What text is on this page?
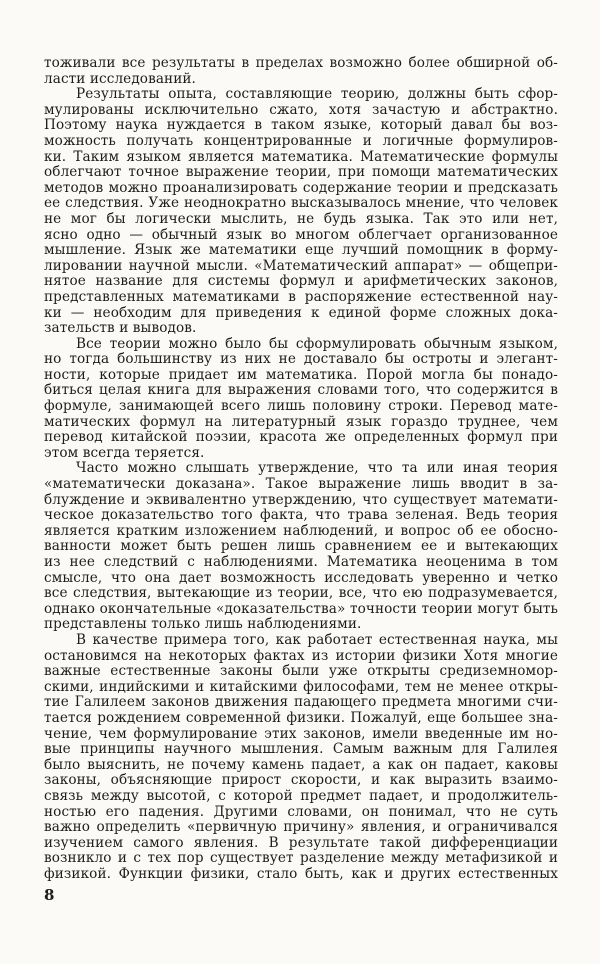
тоживали все результаты в пределах возможно более обширной об-
ласти исследований.
Результаты опыта, составляющие теорию, должны быть сфор-
мулированы исключительно сжато, хотя зачастую и абстрактно.
Поэтому наука нуждается в таком языке, который давал бы воз-
можность получать концентрированные и логичные формулиров-
ки. Таким языком является математика. Математические формулы
облегчают точное выражение теории, при помощи математических
методов можно проанализировать содержание теории и предсказать
ее следствия. Уже неоднократно высказывалось мнение, что человек
не мог бы логически мыслить, не будь языка. Так это или нет,
ясно одно — обычный язык во многом облегчает организованное
мышление. Язык же математики еще лучший помощник в форму-
лировании научной мысли. «Математический аппарат» — общепри-
нятое название для системы формул и арифметических законов,
представленных математиками в распоряжение естественной нау-
ки — необходим для приведения к единой форме сложных дока-
зательств и выводов.
Все теории можно было бы сформулировать обычным языком,
но тогда большинству из них не доставало бы остроты и элегант-
ности, которые придает им математика. Порой могла бы понадо-
биться целая книга для выражения словами того, что содержится в
формуле, занимающей всего лишь половину строки. Перевод мате-
матических формул на литературный язык гораздо труднее, чем
перевод китайской поэзии, красота же определенных формул при
этом всегда теряется.
Часто можно слышать утверждение, что та или иная теория
«математически доказана». Такое выражение лишь вводит в за-
блуждение и эквивалентно утверждению, что существует математи-
ческое доказательство того факта, что трава зеленая. Ведь теория
является кратким изложением наблюдений, и вопрос об ее обосно-
ванности может быть решен лишь сравнением ее и вытекающих
из нее следствий с наблюдениями. Математика неоценима в том
смысле, что она дает возможность исследовать уверенно и четко
все следствия, вытекающие из теории, все, что ею подразумевается,
однако окончательные «доказательства» точности теории могут быть
представлены только лишь наблюдениями.
В качестве примера того, как работает естественная наука, мы
остановимся на некоторых фактах из истории физики Хотя многие
важные естественные законы были уже открыты средиземномор-
скими, индийскими и китайскими философами, тем не менее откры-
тие Галилеем законов движения падающего предмета многими счи-
тается рождением современной физики. Пожалуй, еще большее зна-
чение, чем формулирование этих законов, имели введенные им но-
вые принципы научного мышления. Самым важным для Галилея
было выяснить, не почему камень падает, а как он падает, каковы
законы, объясняющие прирост скорости, и как выразить взаимо-
связь между высотой, с которой предмет падает, и продолжитель-
ностью его падения. Другими словами, он понимал, что не суть
важно определить «первичную причину» явления, и ограничивался
изучением самого явления. В результате такой дифференциации
возникло и с тех пор существует разделение между метафизикой и
физикой. Функции физики, стало быть, как и других естественных
8
